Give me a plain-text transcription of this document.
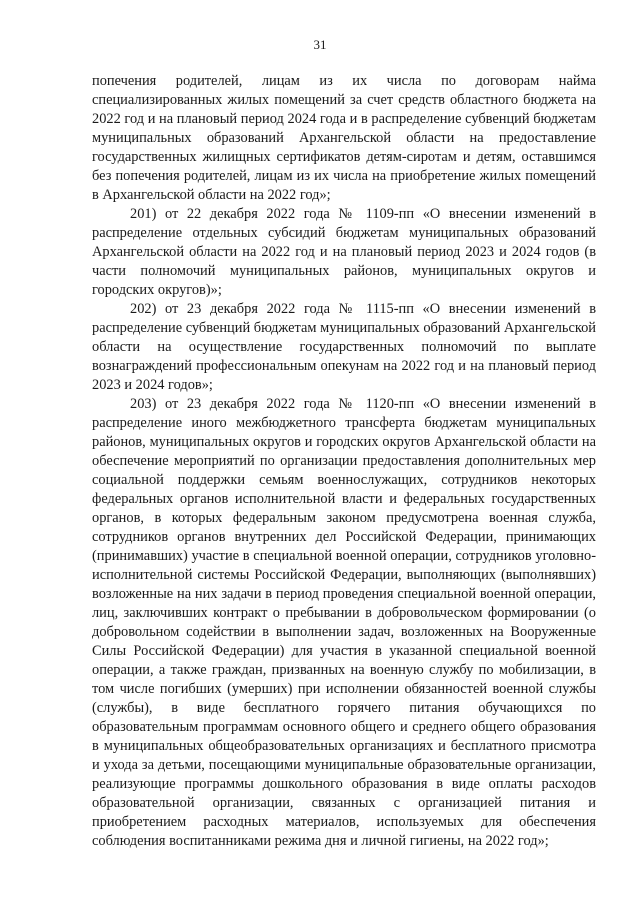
31

попечения родителей, лицам из их числа по договорам найма специализированных жилых помещений за счет средств областного бюджета на 2022 год и на плановый период 2024 года и в распределение субвенций бюджетам муниципальных образований Архангельской области на предоставление государственных жилищных сертификатов детям-сиротам и детям, оставшимся без попечения родителей, лицам из их числа на приобретение жилых помещений в Архангельской области на 2022 год»;

201) от 22 декабря 2022 года № 1109-пп «О внесении изменений в распределение отдельных субсидий бюджетам муниципальных образований Архангельской области на 2022 год и на плановый период 2023 и 2024 годов (в части полномочий муниципальных районов, муниципальных округов и городских округов)»;

202) от 23 декабря 2022 года № 1115-пп «О внесении изменений в распределение субвенций бюджетам муниципальных образований Архангельской области на осуществление государственных полномочий по выплате вознаграждений профессиональным опекунам на 2022 год и на плановый период 2023 и 2024 годов»;

203) от 23 декабря 2022 года № 1120-пп «О внесении изменений в распределение иного межбюджетного трансферта бюджетам муниципальных районов, муниципальных округов и городских округов Архангельской области на обеспечение мероприятий по организации предоставления дополнительных мер социальной поддержки семьям военнослужащих, сотрудников некоторых федеральных органов исполнительной власти и федеральных государственных органов, в которых федеральным законом предусмотрена военная служба, сотрудников органов внутренних дел Российской Федерации, принимающих (принимавших) участие в специальной военной операции, сотрудников уголовно-исполнительной системы Российской Федерации, выполняющих (выполнявших) возложенные на них задачи в период проведения специальной военной операции, лиц, заключивших контракт о пребывании в добровольческом формировании (о добровольном содействии в выполнении задач, возложенных на Вооруженные Силы Российской Федерации) для участия в указанной специальной военной операции, а также граждан, призванных на военную службу по мобилизации, в том числе погибших (умерших) при исполнении обязанностей военной службы (службы), в виде бесплатного горячего питания обучающихся по образовательным программам основного общего и среднего общего образования в муниципальных общеобразовательных организациях и бесплатного присмотра и ухода за детьми, посещающими муниципальные образовательные организации, реализующие программы дошкольного образования в виде оплаты расходов образовательной организации, связанных с организацией питания и приобретением расходных материалов, используемых для обеспечения соблюдения воспитанниками режима дня и личной гигиены, на 2022 год»;
